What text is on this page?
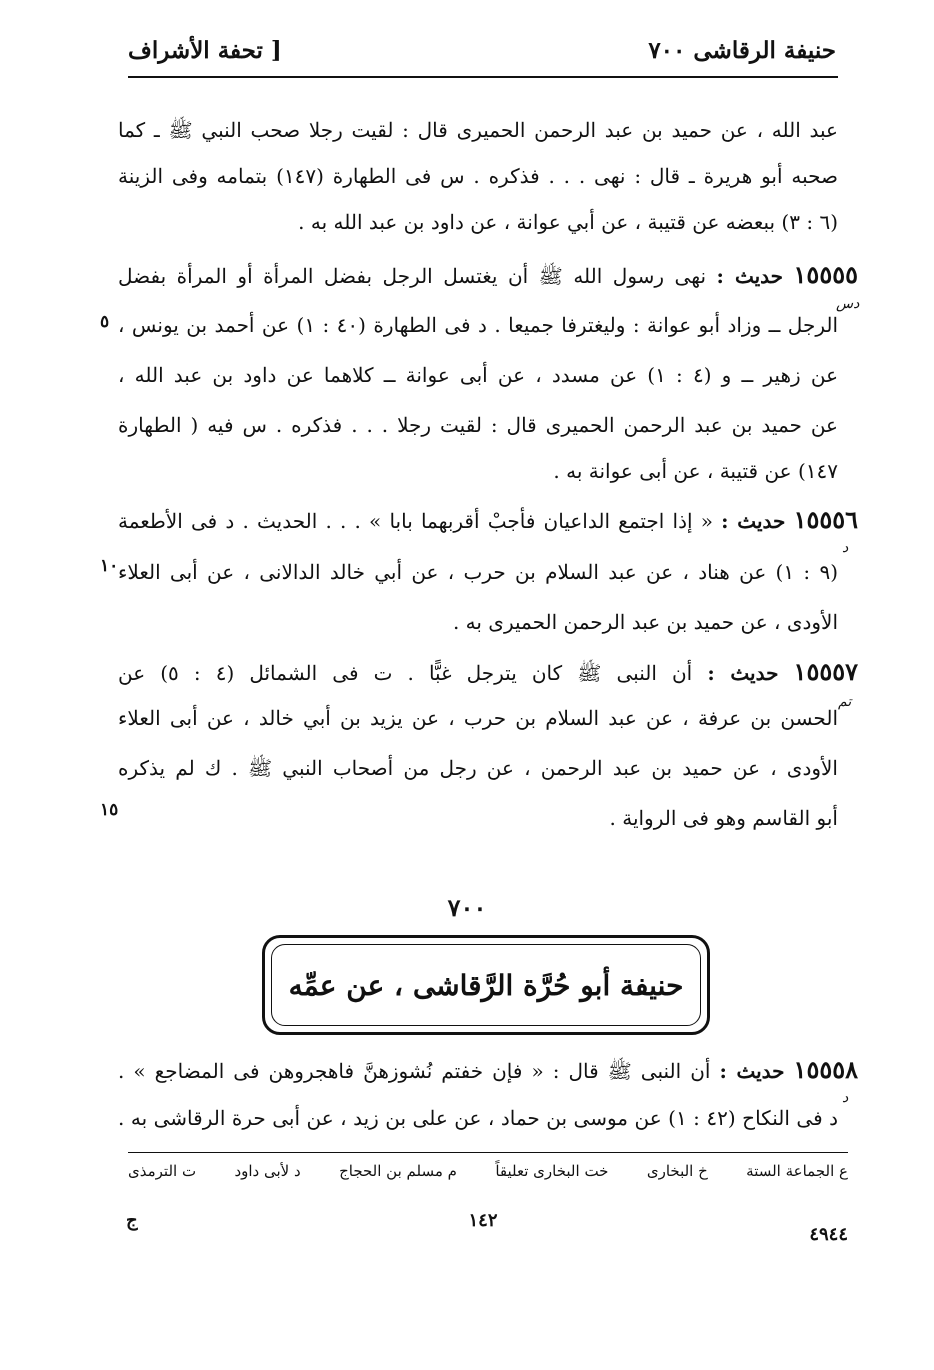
[ تحفة الأشراف	حنيفة الرقاشى ٧٠٠
عبد الله ، عن حميد بن عبد الرحمن الحميرى قال : لقيت رجلا صحب النبي ﷺ ـ كما
صحبه أبو هريرة ـ قال : نهى . . . فذكره . س فى الطهارة (١٤٧) بتمامه وفى الزينة
(٦ : ٣) ببعضه عن قتيبة ، عن أبي عوانة ، عن داود بن عبد الله به .
١٥٥٥٥ حديث : نهى رسول الله ﷺ أن يغتسل الرجل بفضل المرأة أو المرأة بفضل
الرجل ــ وزاد أبو عوانة : وليغترفا جميعا . د فى الطهارة (٤٠ : ١) عن أحمد بن يونس ،
عن زهير ــ و (٤ : ١) عن مسدد ، عن أبى عوانة ــ كلاهما عن داود بن عبد الله ،
عن حميد بن عبد الرحمن الحميرى قال : لقيت رجلا . . . فذكره . س فيه ( الطهارة
١٤٧) عن قتيبة ، عن أبى عوانة به .
١٥٥٥٦ حديث : « إذا اجتمع الداعيان فأجبْ أقربهما بابا » . . . الحديث . د فى الأطعمة
(٩ : ١) عن هناد ، عن عبد السلام بن حرب ، عن أبي خالد الدالانى ، عن أبى العلاء
الأودى ، عن حميد بن عبد الرحمن الحميرى به .
١٥٥٥٧ حديث : أن النبى ﷺ كان يترجل غبًّا . ت فى الشمائل (٤ : ٥) عن
الحسن بن عرفة ، عن عبد السلام بن حرب ، عن يزيد بن أبي خالد ، عن أبى العلاء
الأودى ، عن حميد بن عبد الرحمن ، عن رجل من أصحاب النبي ﷺ . ك لم يذكره
أبو القاسم وهو فى الرواية .
٥
١٠
١٥
دس
د
تم
د
٧٠٠
حنيفة أبو حُرَّة الرَّقاشى ، عن عمِّه
١٥٥٥٨ حديث : أن النبى ﷺ قال : « فإن خفتم نُشوزهنَّ فاهجروهن فى المضاجع » .
د فى النكاح (٤٢ : ١) عن موسى بن حماد ، عن على بن زيد ، عن أبى حرة الرقاشى به .
ع الجماعة الستة
خ البخارى
خت البخارى تعليقاً
م مسلم بن الحجاج
د لأبى داود
ت الترمذى
ج	١٤٢
٤٩٤٤
